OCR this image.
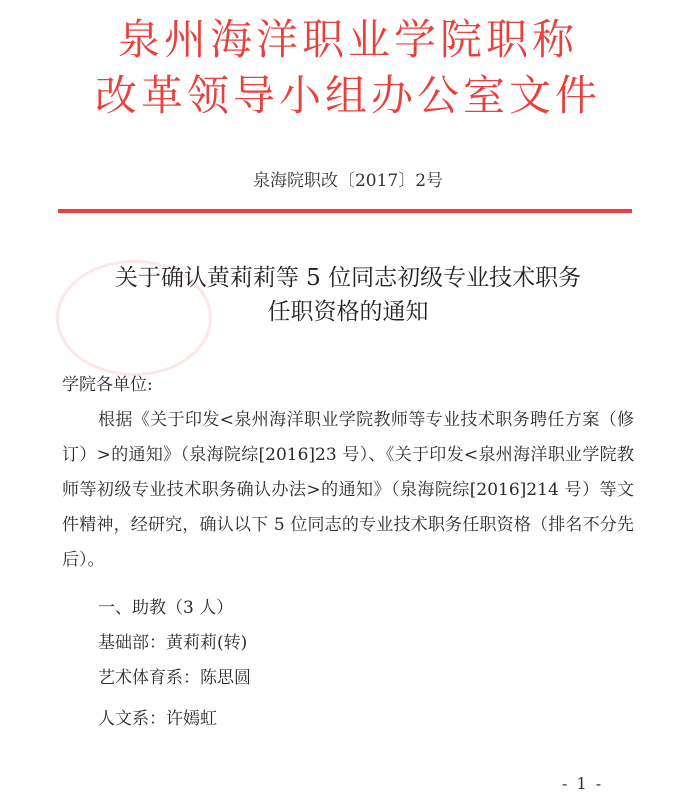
泉州海洋职业学院职称
改革领导小组办公室文件
泉海院职改〔2017〕2号
关于确认黄莉莉等 5 位同志初级专业技术职务
任职资格的通知
学院各单位:
根据《关于印发<泉州海洋职业学院教师等专业技术职务聘任方案（修订）>的通知》（泉海院综[2016]23 号）、《关于印发<泉州海洋职业学院教师等初级专业技术职务确认办法>的通知》（泉海院综[2016]214 号）等文件精神，经研究，确认以下 5 位同志的专业技术职务任职资格（排名不分先后）。
一、助教（3 人）
基础部：黄莉莉(转)
艺术体育系：陈思圆
人文系：许嫣虹
- 1 -
